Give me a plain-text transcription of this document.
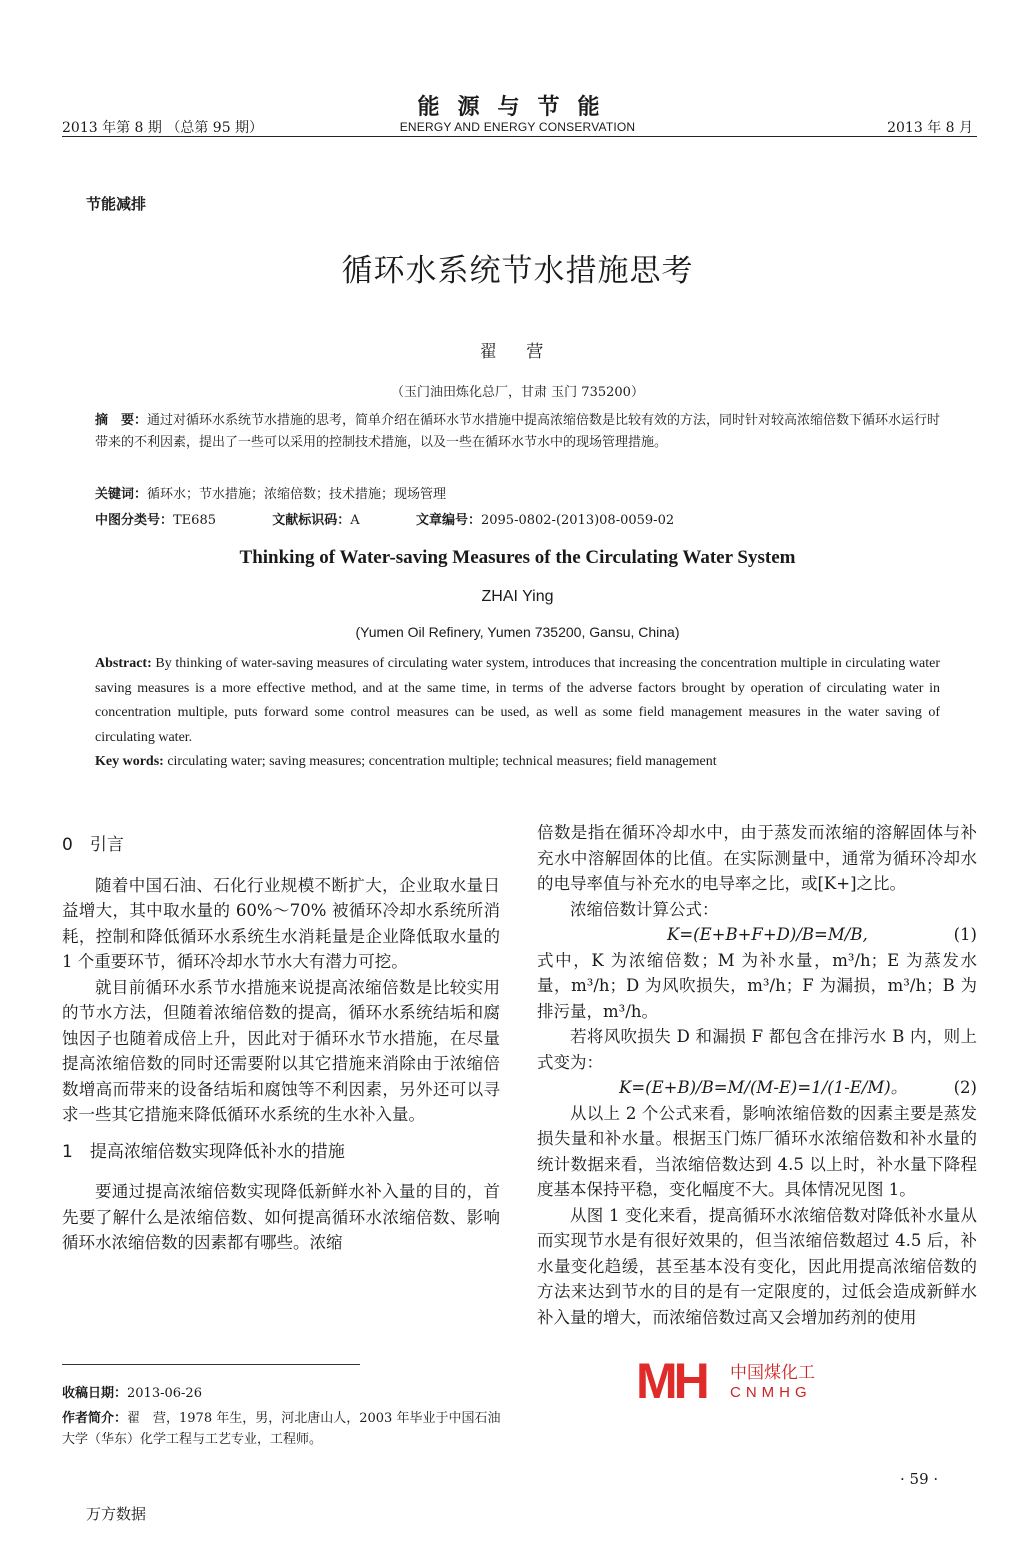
2013 年第 8 期 （总第 95 期）
能源与节能
ENERGY AND ENERGY CONSERVATION	2013 年 8 月
节能减排
循环水系统节水措施思考
翟 营
（玉门油田炼化总厂，甘肃 玉门 735200）
摘　要：通过对循环水系统节水措施的思考，简单介绍在循环水节水措施中提高浓缩倍数是比较有效的方法，同时针对较高浓缩倍数下循环水运行时带来的不利因素，提出了一些可以采用的控制技术措施，以及一些在循环水节水中的现场管理措施。
关键词：循环水；节水措施；浓缩倍数；技术措施；现场管理
中图分类号：TE685	文献标识码：A	文章编号：2095-0802-(2013)08-0059-02
Thinking of Water-saving Measures of the Circulating Water System
ZHAI Ying
(Yumen Oil Refinery, Yumen 735200, Gansu, China)
Abstract: By thinking of water-saving measures of circulating water system, introduces that increasing the concentration multiple in circulating water saving measures is a more effective method, and at the same time, in terms of the adverse factors brought by operation of circulating water in concentration multiple, puts forward some control measures can be used, as well as some field management measures in the water saving of circulating water.
Key words: circulating water; saving measures; concentration multiple; technical measures; field management

0　引言

随着中国石油、石化行业规模不断扩大，企业取水量日益增大，其中取水量的 60%～70% 被循环冷却水系统所消耗，控制和降低循环水系统生水消耗量是企业降低取水量的 1 个重要环节，循环冷却水节水大有潜力可挖。

就目前循环水系节水措施来说提高浓缩倍数是比较实用的节水方法，但随着浓缩倍数的提高，循环水系统结垢和腐蚀因子也随着成倍上升，因此对于循环水节水措施，在尽量提高浓缩倍数的同时还需要附以其它措施来消除由于浓缩倍数增高而带来的设备结垢和腐蚀等不利因素，另外还可以寻求一些其它措施来降低循环水系统的生水补入量。

1　提高浓缩倍数实现降低补水的措施

要通过提高浓缩倍数实现降低新鲜水补入量的目的，首先要了解什么是浓缩倍数、如何提高循环水浓缩倍数、影响循环水浓缩倍数的因素都有哪些。浓缩

倍数是指在循环冷却水中，由于蒸发而浓缩的溶解固体与补充水中溶解固体的比值。在实际测量中，通常为循环冷却水的电导率值与补充水的电导率之比，或[K+]之比。

浓缩倍数计算公式：

K=(E+B+F+D)/B=M/B,	(1)

式中，K 为浓缩倍数；M 为补水量，m³/h；E 为蒸发水量，m³/h；D 为风吹损失，m³/h；F 为漏损，m³/h；B 为排污量，m³/h。

若将风吹损失 D 和漏损 F 都包含在排污水 B 内，则上式变为：

K=(E+B)/B=M/(M-E)=1/(1-E/M)。	(2)

从以上 2 个公式来看，影响浓缩倍数的因素主要是蒸发损失量和补水量。根据玉门炼厂循环水浓缩倍数和补水量的统计数据来看，当浓缩倍数达到 4.5 以上时，补水量下降程度基本保持平稳，变化幅度不大。具体情况见图 1。

从图 1 变化来看，提高循环水浓缩倍数对降低补水量从而实现节水是有很好效果的，但当浓缩倍数超过 4.5 后，补水量变化趋缓，甚至基本没有变化，因此用提高浓缩倍数的方法来达到节水的目的是有一定限度的，过低会造成新鲜水补入量的增大，而浓缩倍数过高又会增加药剂的使用

收稿日期：2013-06-26
作者简介：翟　营，1978 年生，男，河北唐山人，2003 年毕业于中国石油大学（华东）化学工程与工艺专业，工程师。
MH 中国煤化工
CNMHG
· 59 ·
万方数据
